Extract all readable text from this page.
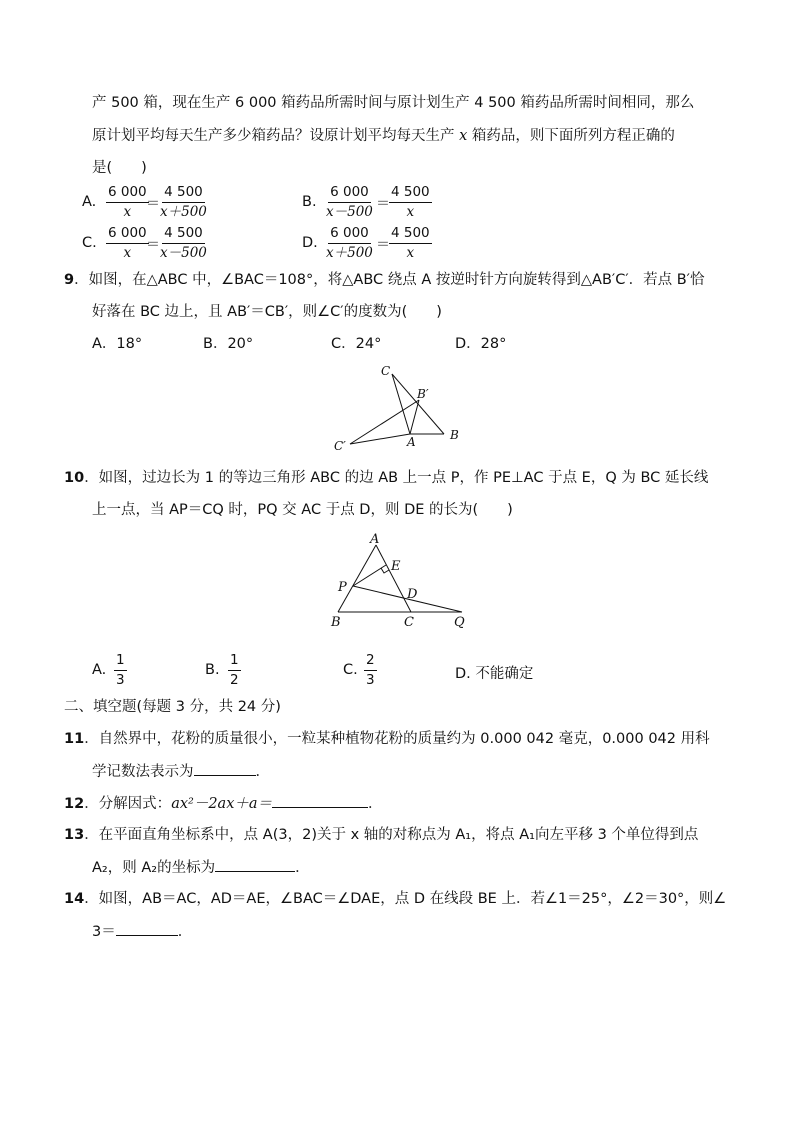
产 500 箱，现在生产 6 000 箱药品所需时间与原计划生产 4 500 箱药品所需时间相同，那么
原计划平均每天生产多少箱药品？设原计划平均每天生产 x 箱药品，则下面所列方程正确的
是(　　)
A. $\frac{6 000}{x}$
＝ $\frac{4 500}{x+500}$	B. $\frac{6 000}{x-500} = \frac{4 500}{x}$
C. $\frac{6 000}{x}$
＝ $\frac{4 500}{x-500}$	D. $\frac{6 000}{x+500} = \frac{4 500}{x}$
9．如图，在△ABC 中，∠BAC＝108°，将△ABC 绕点 A 按逆时针方向旋转得到△AB′C′．若点 B′恰
好落在 BC 边上，且 AB′＝CB′，则∠C′的度数为(　　)
A．18°	B．20°	C．24°	D．28°
C
B′
C′	A	B
10．如图，过边长为 1 的等边三角形 ABC 的边 AB 上一点 P，作 PE⊥AC 于点 E，Q 为 BC 延长线
上一点，当 AP＝CQ 时，PQ 交 AC 于点 D，则 DE 的长为(　　)
A
E
P	D
B	C	Q
A. $\frac{1}{3}$	B. $\frac{1}{2}$	C. $\frac{2}{3}$	D. 不能确定
二、填空题(每题 3 分，共 24 分)
11．自然界中，花粉的质量很小，一粒某种植物花粉的质量约为 0.000 042 毫克，0.000 042 用科
学记数法表示为	．
12．分解因式：ax²－2ax＋a＝	．
13．在平面直角坐标系中，点 A(3，2)关于 x 轴的对称点为 A₁，将点 A₁向左平移 3 个单位得到点
A₂，则 A₂的坐标为	．
14．如图，AB＝AC，AD＝AE，∠BAC＝∠DAE，点 D 在线段 BE 上．若∠1＝25°，∠2＝30°，则∠
3＝	．
